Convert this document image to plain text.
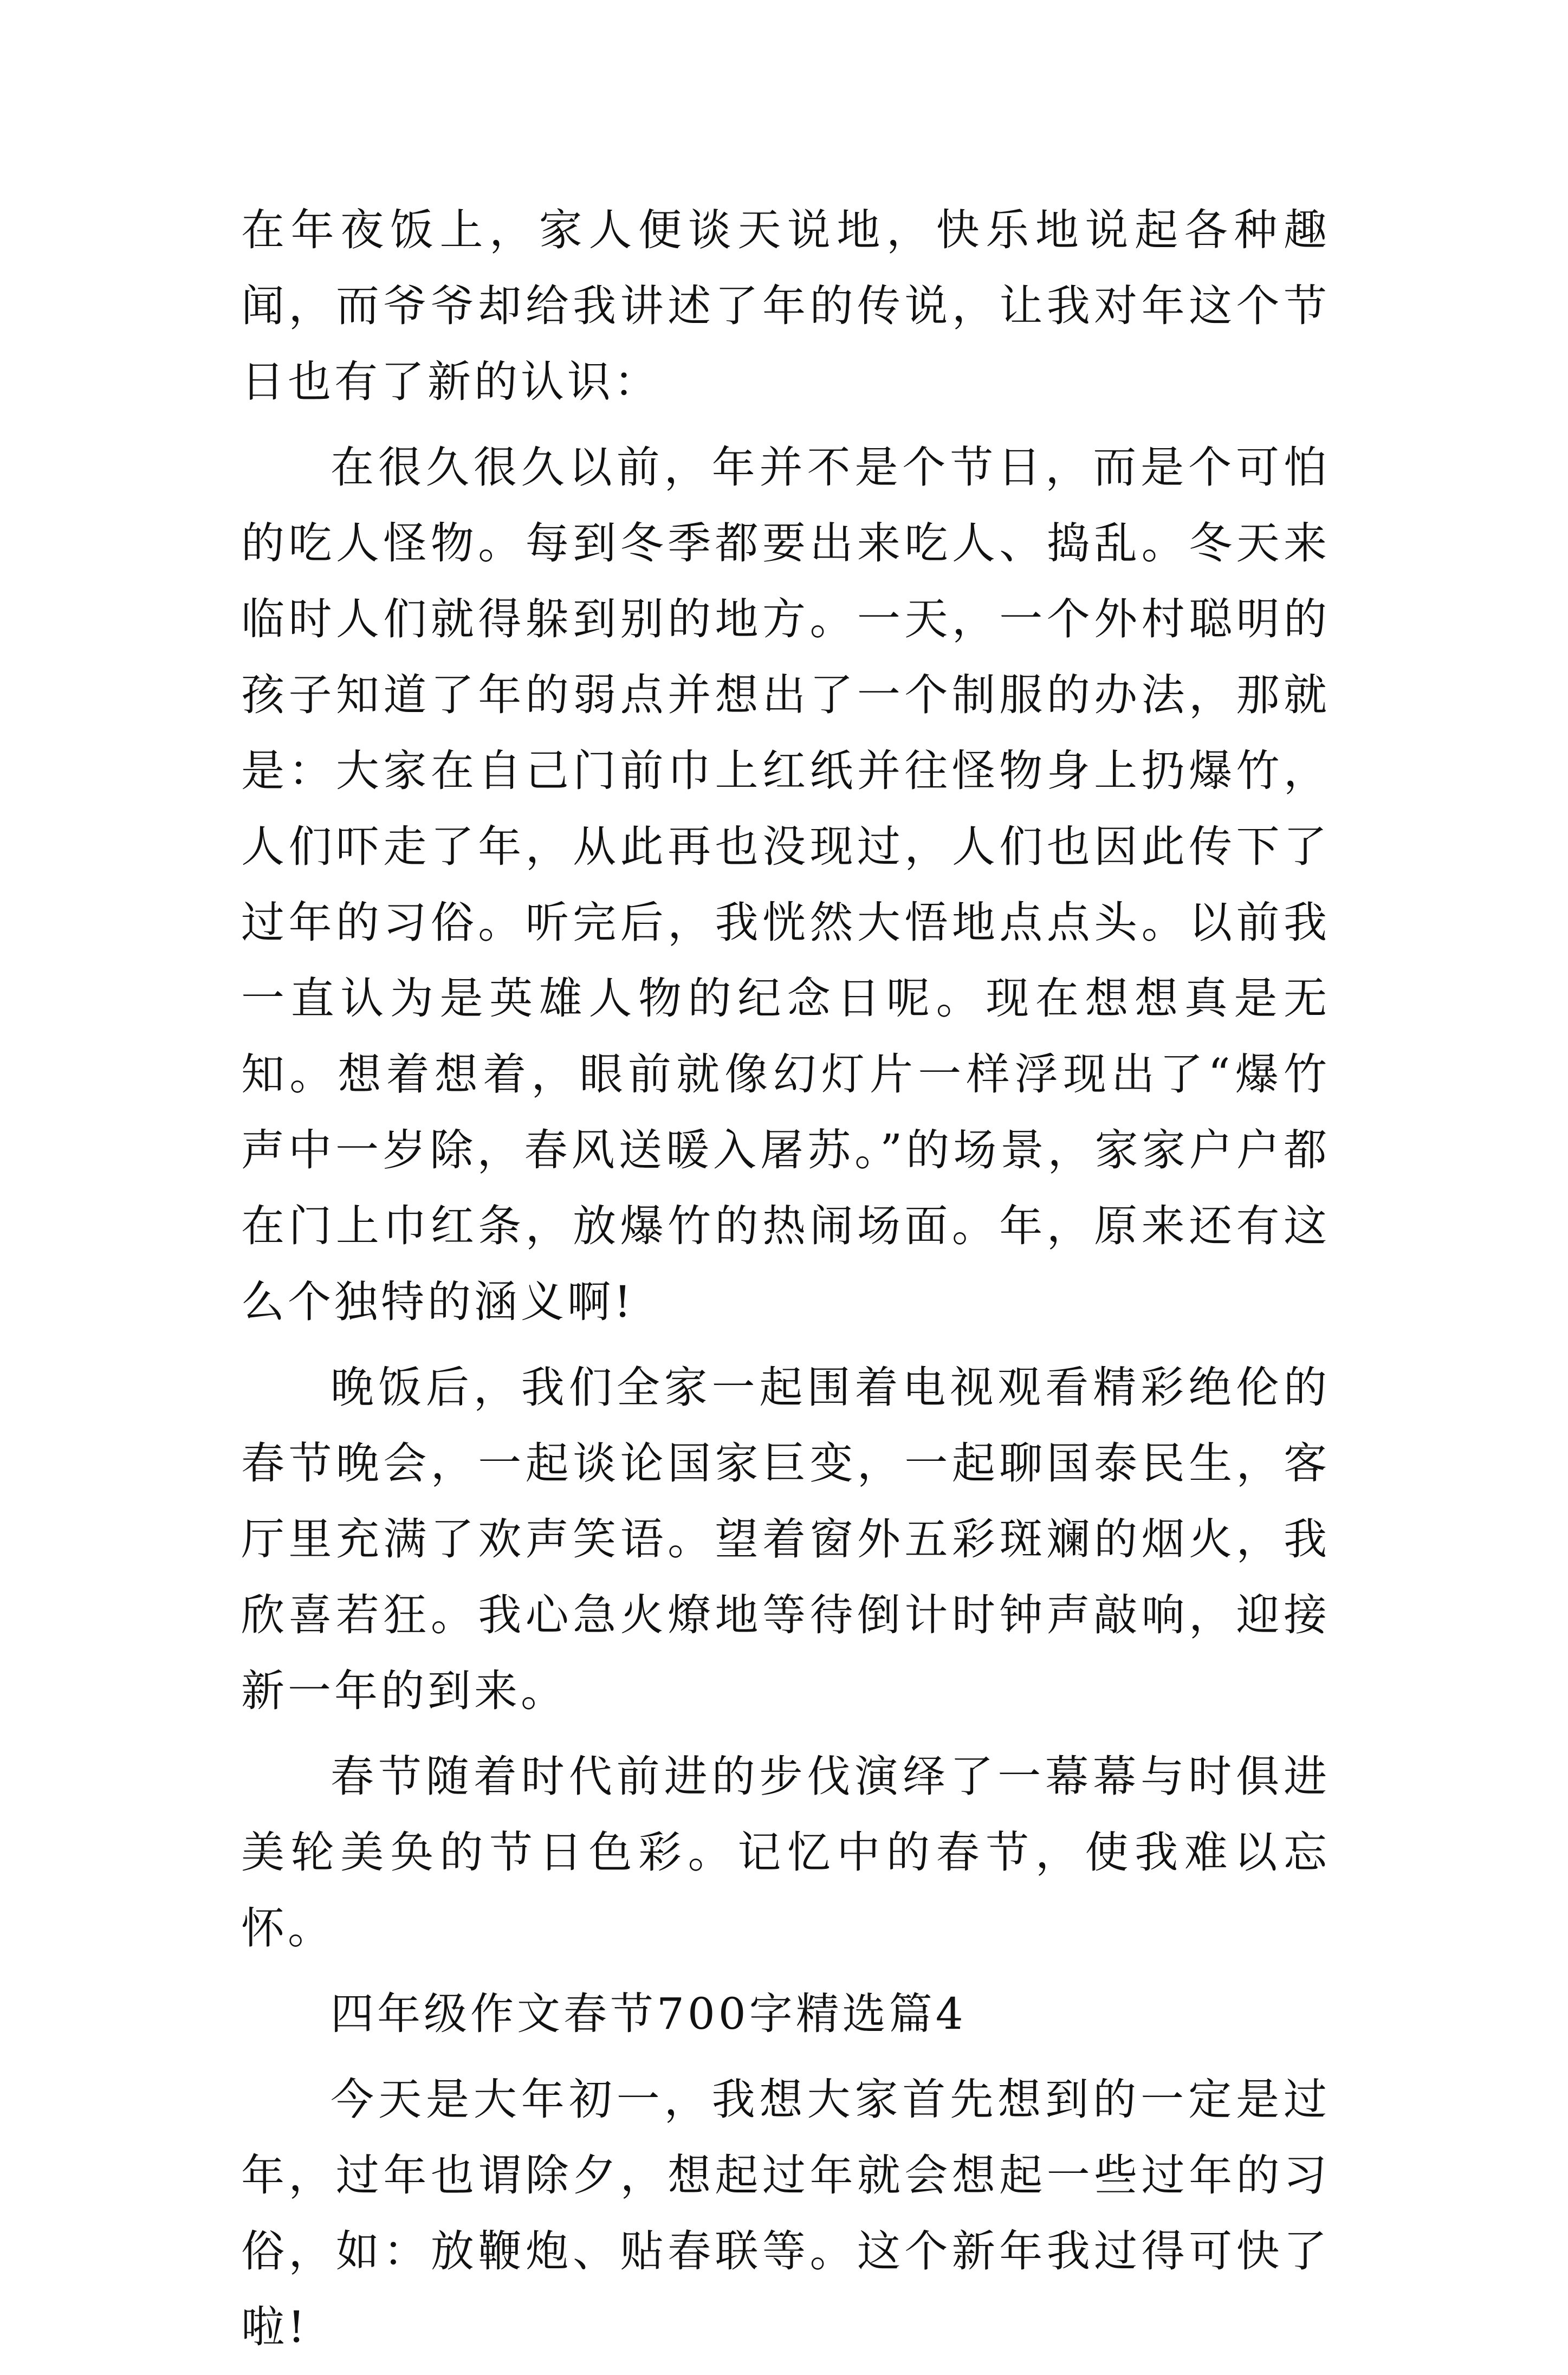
在年夜饭上，家人便谈天说地，快乐地说起各种趣闻，而爷爷却给我讲述了年的传说，让我对年这个节日也有了新的认识：

在很久很久以前，年并不是个节日，而是个可怕的吃人怪物。每到冬季都要出来吃人、捣乱。冬天来临时人们就得躲到别的地方。一天，一个外村聪明的孩子知道了年的弱点并想出了一个制服的办法，那就是：大家在自己门前巾上红纸并往怪物身上扔爆竹，人们吓走了年，从此再也没现过，人们也因此传下了过年的习俗。听完后，我恍然大悟地点点头。以前我一直认为是英雄人物的纪念日呢。现在想想真是无知。想着想着，眼前就像幻灯片一样浮现出了“爆竹声中一岁除，春风送暖入屠苏。”的场景，家家户户都在门上巾红条，放爆竹的热闹场面。年，原来还有这么个独特的涵义啊!

晚饭后，我们全家一起围着电视观看精彩绝伦的春节晚会，一起谈论国家巨变，一起聊国泰民生，客厅里充满了欢声笑语。望着窗外五彩斑斓的烟火，我欣喜若狂。我心急火燎地等待倒计时钟声敲响，迎接新一年的到来。

春节随着时代前进的步伐演绎了一幕幕与时俱进美轮美奂的节日色彩。记忆中的春节，使我难以忘怀。

四年级作文春节700字精选篇4

今天是大年初一，我想大家首先想到的一定是过年，过年也谓除夕，想起过年就会想起一些过年的习俗，如：放鞭炮、贴春联等。这个新年我过得可快了啦!
